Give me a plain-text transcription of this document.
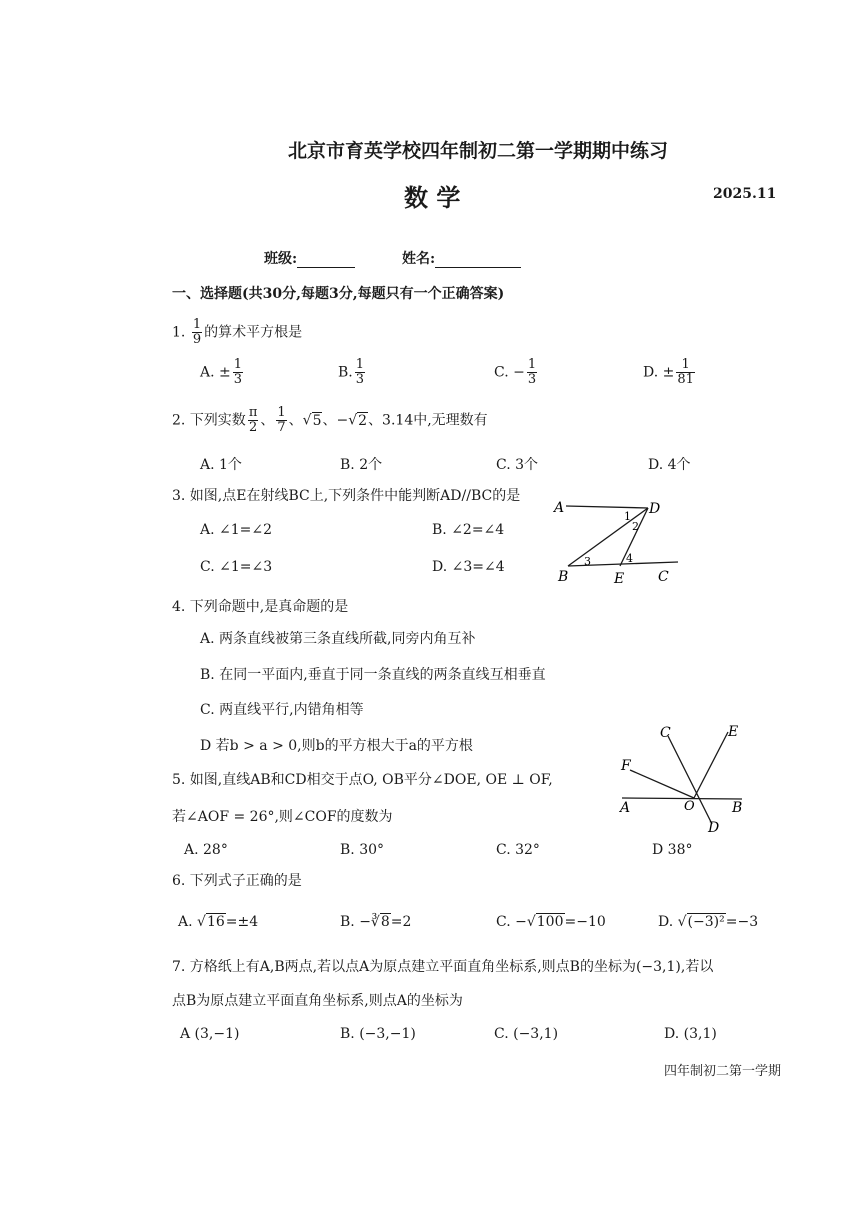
北京市育英学校四年制初二第一学期期中练习
数 学	2025.11
班级:	姓名:
一、选择题(共30分,每题3分,每题只有一个正确答案)
1. $\frac{1}{9}$ 的算术平方根是
A. ± $\frac{1}{3}$	B. $\frac{1}{3}$	C. − $\frac{1}{3}$	D. ± $\frac{1}{81}$
2. 下列实数 $\frac{\pi}{2}$ 、 $\frac{1}{7}$ 、√5、−√2、3.14中,无理数有
A. 1个	B. 2个	C. 3个	D. 4个
3. 如图,点E在射线BC上,下列条件中能判断AD//BC的是
A. ∠1=∠2	B. ∠2=∠4
C. ∠1=∠3	D. ∠3=∠4
A	D
B	E C
1
2
3	4
4. 下列命题中,是真命题的是
A. 两条直线被第三条直线所截,同旁内角互补
B. 在同一平面内,垂直于同一条直线的两条直线互相垂直
C. 两直线平行,内错角相等
D 若b > a > 0,则b的平方根大于a的平方根
5. 如图,直线AB和CD相交于点O, OB平分∠DOE, OE ⊥ OF,
若∠AOF = 26°,则∠COF的度数为
A. 28°	B. 30°	C. 32°	D 38°
C	E
F
A	O	B
D
6. 下列式子正确的是
A. √16=±4	B. −∛8=2	C. −√100=−10	D. √(−3)²=−3
7. 方格纸上有A,B两点,若以点A为原点建立平面直角坐标系,则点B的坐标为(−3,1),若以
点B为原点建立平面直角坐标系,则点A的坐标为
A (3,−1)	B. (−3,−1)	C. (−3,1)	D. (3,1)
四年制初二第一学期
